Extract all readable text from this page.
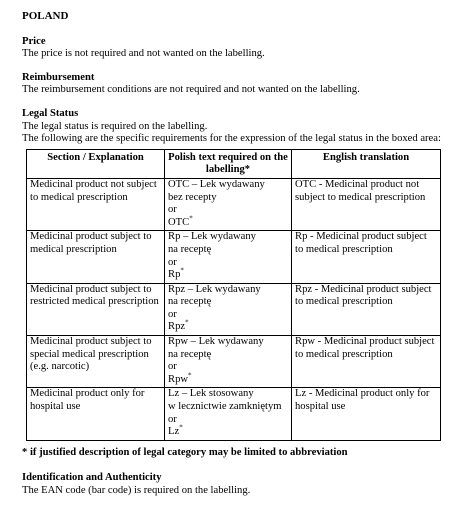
POLAND

Price

The price is not required and not wanted on the labelling.

Reimbursement

The reimbursement conditions are not required and not wanted on the labelling.

Legal Status

The legal status is required on the labelling.

The following are the specific requirements for the expression of the legal status in the boxed area:

Section / Explanation	Polish text required on the labelling*	English translation
Medicinal product not subject to medical prescription	OTC – Lek wydawany
bez recepty
or
OTC*	OTC - Medicinal product not subject to medical prescription
Medicinal product subject to medical prescription	Rp – Lek wydawany
na receptę
or
Rp*	Rp - Medicinal product subject to medical prescription
Medicinal product subject to restricted medical prescription	Rpz – Lek wydawany
na receptę
or
Rpz*	Rpz - Medicinal product subject to medical prescription
Medicinal product subject to special medical prescription (e.g. narcotic)	Rpw – Lek wydawany
na receptę
or
Rpw*	Rpw - Medicinal product subject to medical prescription
Medicinal product only for hospital use	Lz – Lek stosowany
w lecznictwie zamkniętym
or
Lz*	Lz - Medicinal product only for hospital use

* if justified description of legal category may be limited to abbreviation

Identification and Authenticity

The EAN code (bar code) is required on the labelling.
